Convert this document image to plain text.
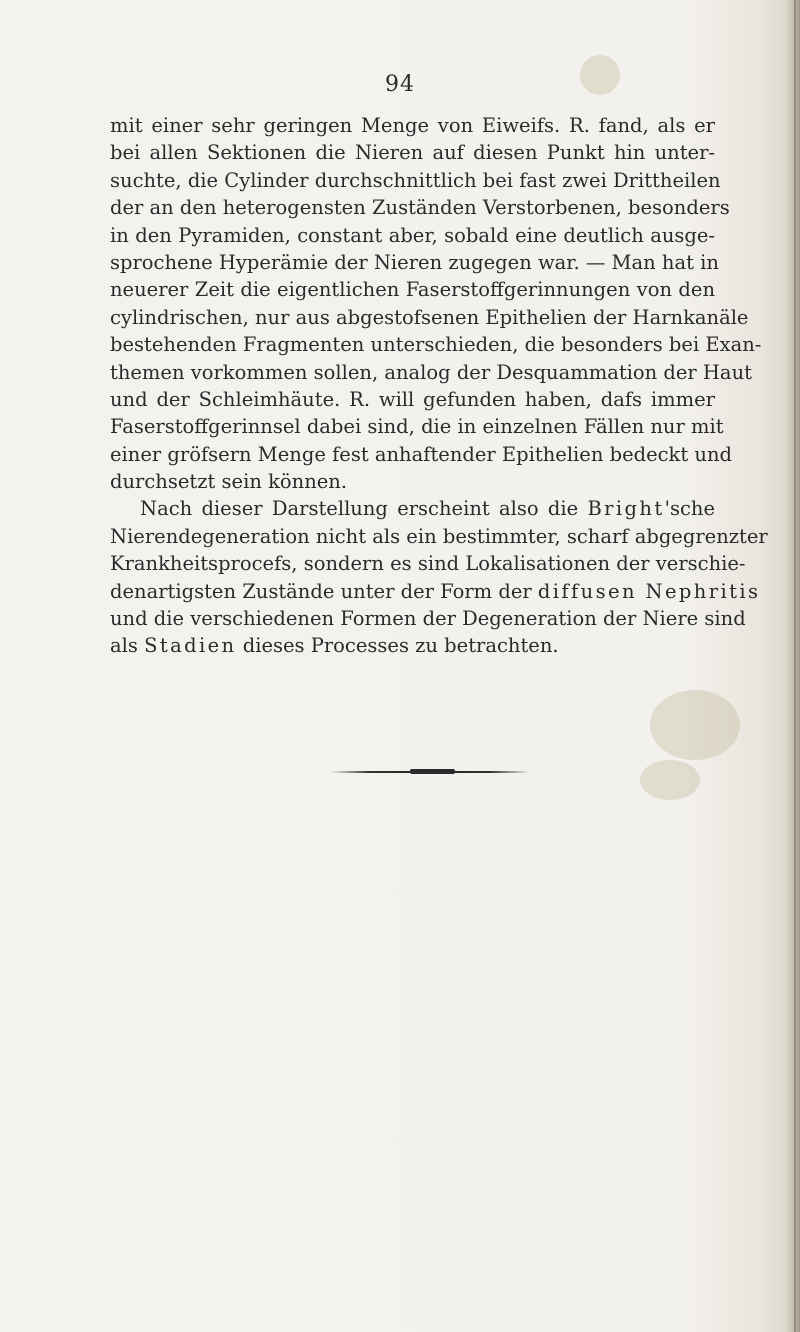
94
mit einer sehr geringen Menge von Eiweifs. R. fand, als er
bei allen Sektionen die Nieren auf diesen Punkt hin unter-
suchte, die Cylinder durchschnittlich bei fast zwei Drittheilen
der an den heterogensten Zuständen Verstorbenen, besonders
in den Pyramiden, constant aber, sobald eine deutlich ausge-
sprochene Hyperämie der Nieren zugegen war. — Man hat in
neuerer Zeit die eigentlichen Faserstoffgerinnungen von den
cylindrischen, nur aus abgestofsenen Epithelien der Harnkanäle
bestehenden Fragmenten unterschieden, die besonders bei Exan-
themen vorkommen sollen, analog der Desquammation der Haut
und der Schleimhäute. R. will gefunden haben, dafs immer
Faserstoffgerinnsel dabei sind, die in einzelnen Fällen nur mit
einer gröfsern Menge fest anhaftender Epithelien bedeckt und
durchsetzt sein können.
Nach dieser Darstellung erscheint also die Bright'sche
Nierendegeneration nicht als ein bestimmter, scharf abgegrenzter
Krankheitsprocefs, sondern es sind Lokalisationen der verschie-
denartigsten Zustände unter der Form der diffusen Nephritis
und die verschiedenen Formen der Degeneration der Niere sind
als Stadien dieses Processes zu betrachten.
